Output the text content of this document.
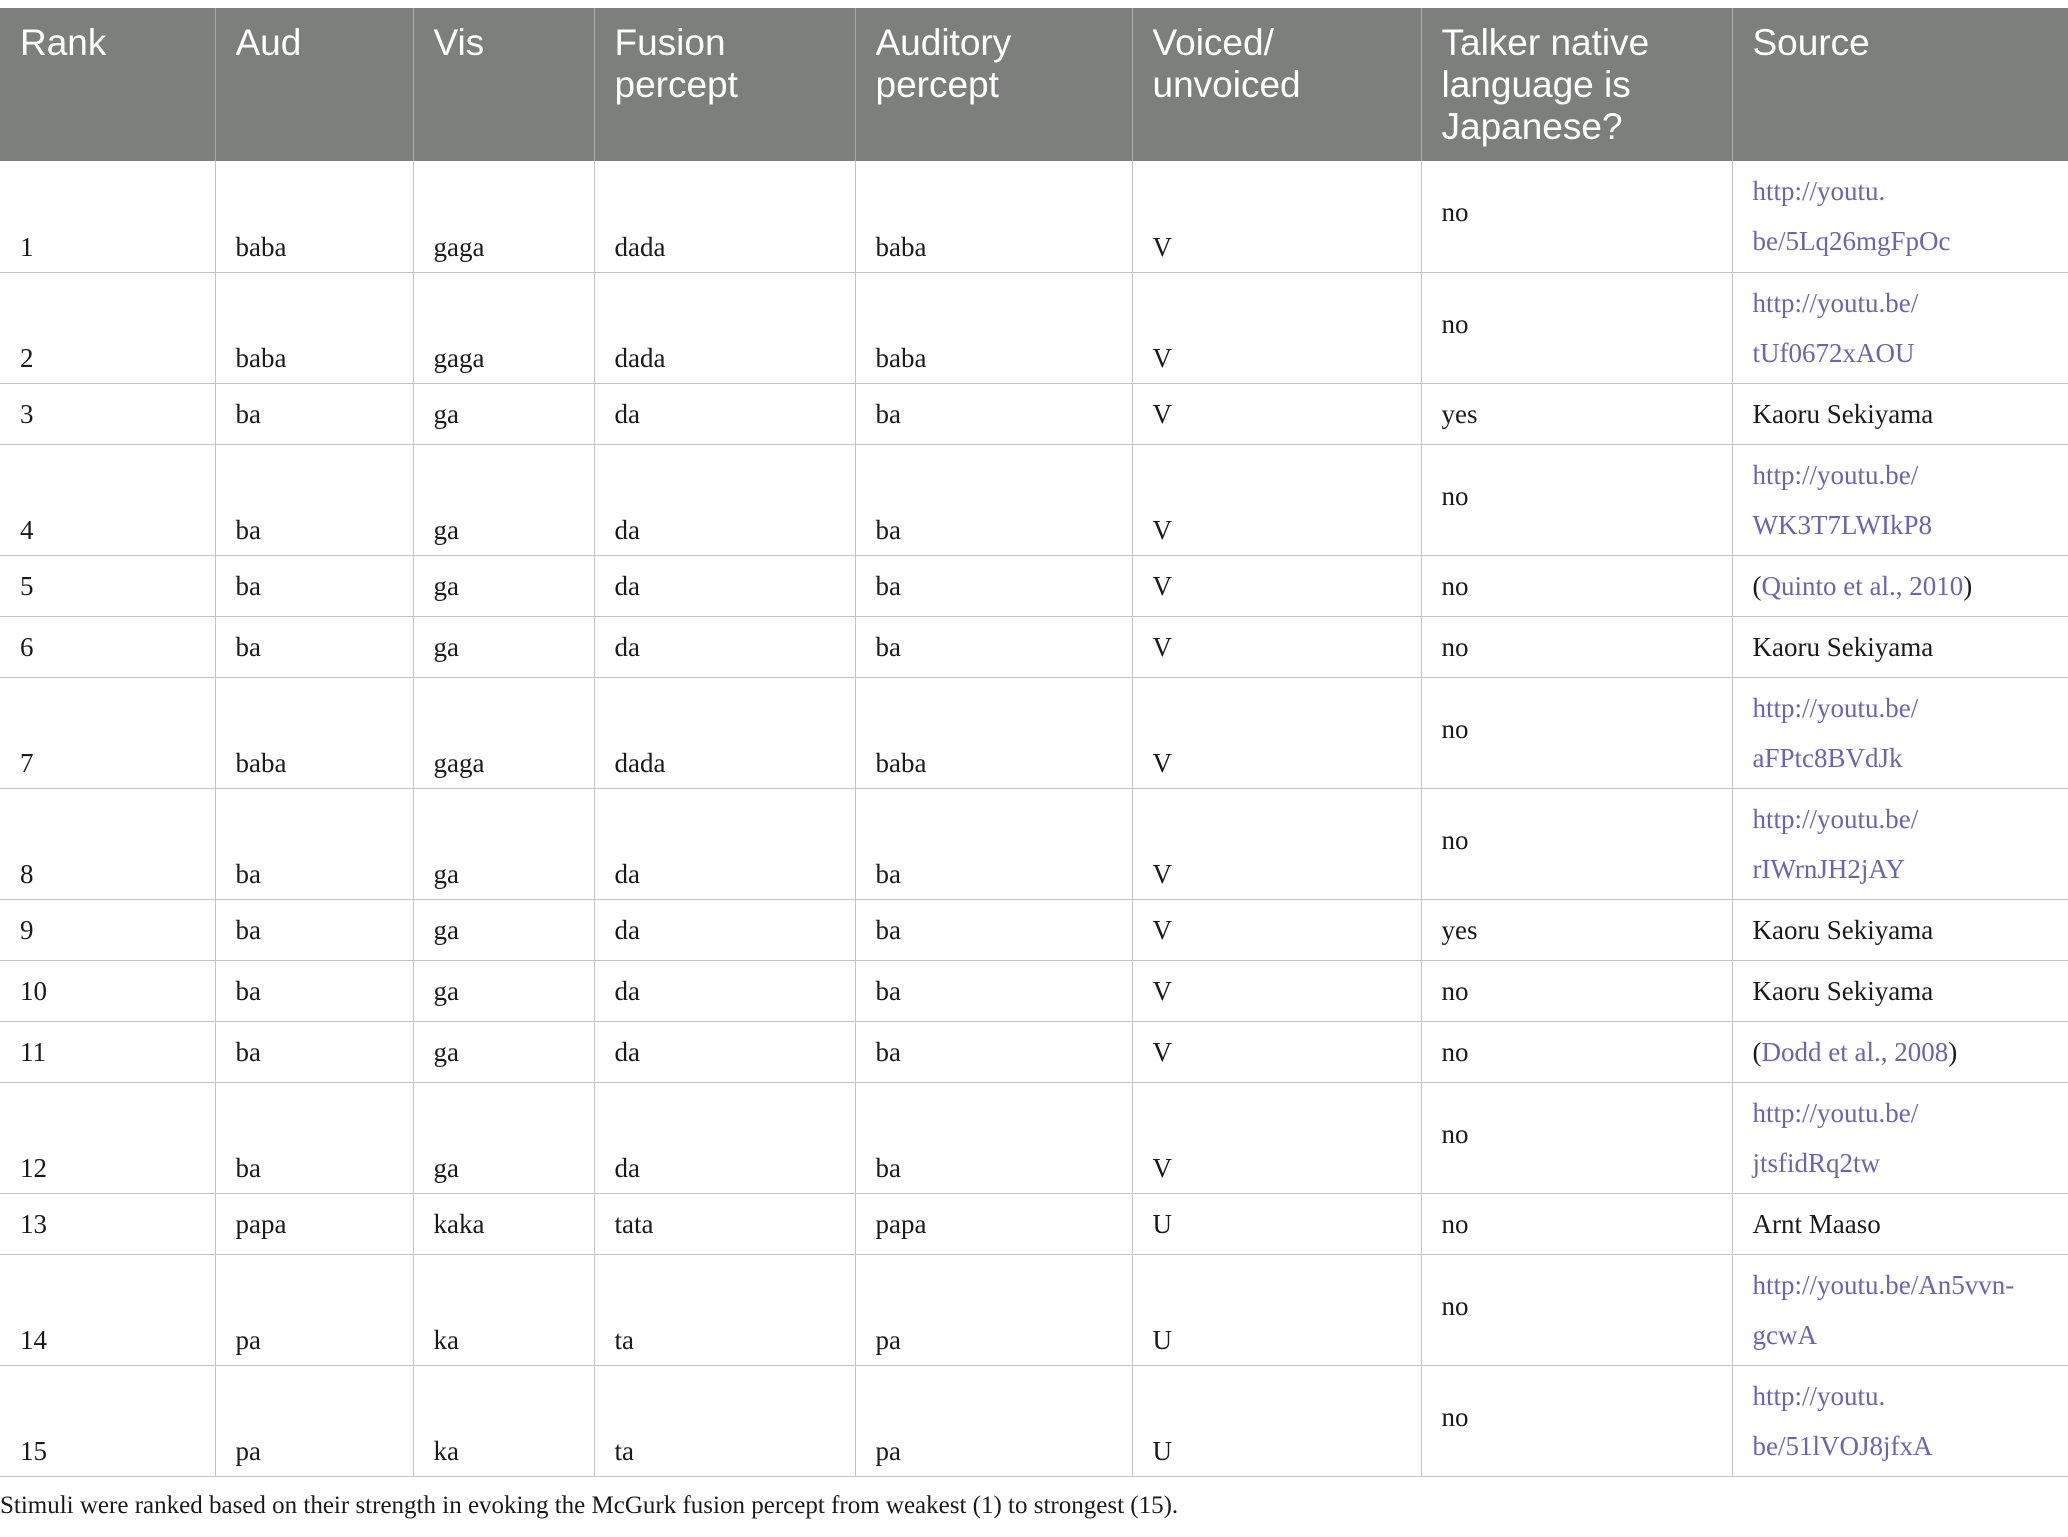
Rank	Aud	Vis	Fusion percept	Auditory percept	Voiced/ unvoiced	Talker native language is Japanese?	Source
1	baba	gaga	dada	baba	V	no	http://youtu.
be/5Lq26mgFpOc

2	baba	gaga	dada	baba	V	no	http://youtu.be/
tUf0672xAOU

3	ba	ga	da	ba	V	yes	Kaoru Sekiyama
4	ba	ga	da	ba	V	no	http://youtu.be/
WK3T7LWIkP8

5	ba	ga	da	ba	V	no	(Quinto et al., 2010)
6	ba	ga	da	ba	V	no	Kaoru Sekiyama
7	baba	gaga	dada	baba	V	no	http://youtu.be/
aFPtc8BVdJk

8	ba	ga	da	ba	V	no	http://youtu.be/
rIWrnJH2jAY

9	ba	ga	da	ba	V	yes	Kaoru Sekiyama
10	ba	ga	da	ba	V	no	Kaoru Sekiyama
11	ba	ga	da	ba	V	no	(Dodd et al., 2008)
12	ba	ga	da	ba	V	no	http://youtu.be/
jtsfidRq2tw

13	papa	kaka	tata	papa	U	no	Arnt Maaso
14	pa	ka	ta	pa	U	no	http://youtu.be/An5vvn-
gcwA

15	pa	ka	ta	pa	U	no	http://youtu.
be/51lVOJ8jfxA
Stimuli were ranked based on their strength in evoking the McGurk fusion percept from weakest (1) to strongest (15).
